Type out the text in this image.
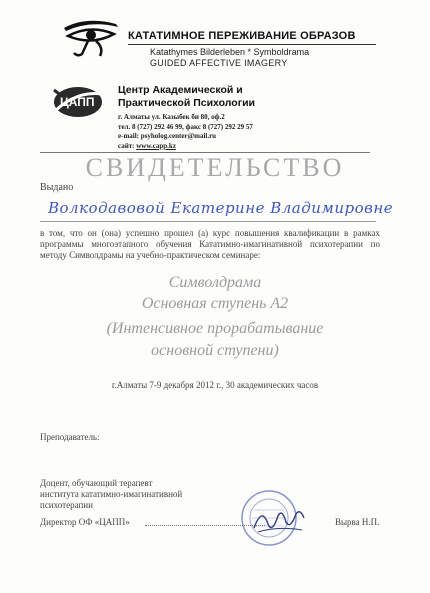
КАТАТИМНОЕ ПЕРЕЖИВАНИЕ ОБРАЗОВ
Katathymes Bilderleben * Symboldrama
GUIDED AFFECTIVE IMAGERY
ЦАПП
Центр Академической и
Практической Психологии
г. Алматы ул. Казыбек би 80, оф.2
тел. 8 (727) 292 46 99, факс 8 (727) 292 29 57
e-mail: psyholog.center@mail.ru
сайт: www.capp.kz
СВИДЕТЕЛЬСТВО
Выдано
Волкодавовой Екатерине Владимировне
в том, что он (она) успешно прошел (а) курс повышения квалификации в рамках программы многоэтапного обучения Кататимно-имагинативной психотерапии по методу Символдрамы на учебно-практическом семинаре:
Символдрама
Основная ступень А2
(Интенсивное прорабатывание
основной ступени)
г.Алматы 7-9 декабря 2012 г., 30 академических часов
Преподаватель:
Доцент, обучающий терапевт
института кататимно-имагинативной
психотерапии
Директор ОФ «ЦАПП»	Вырва Н.П.
